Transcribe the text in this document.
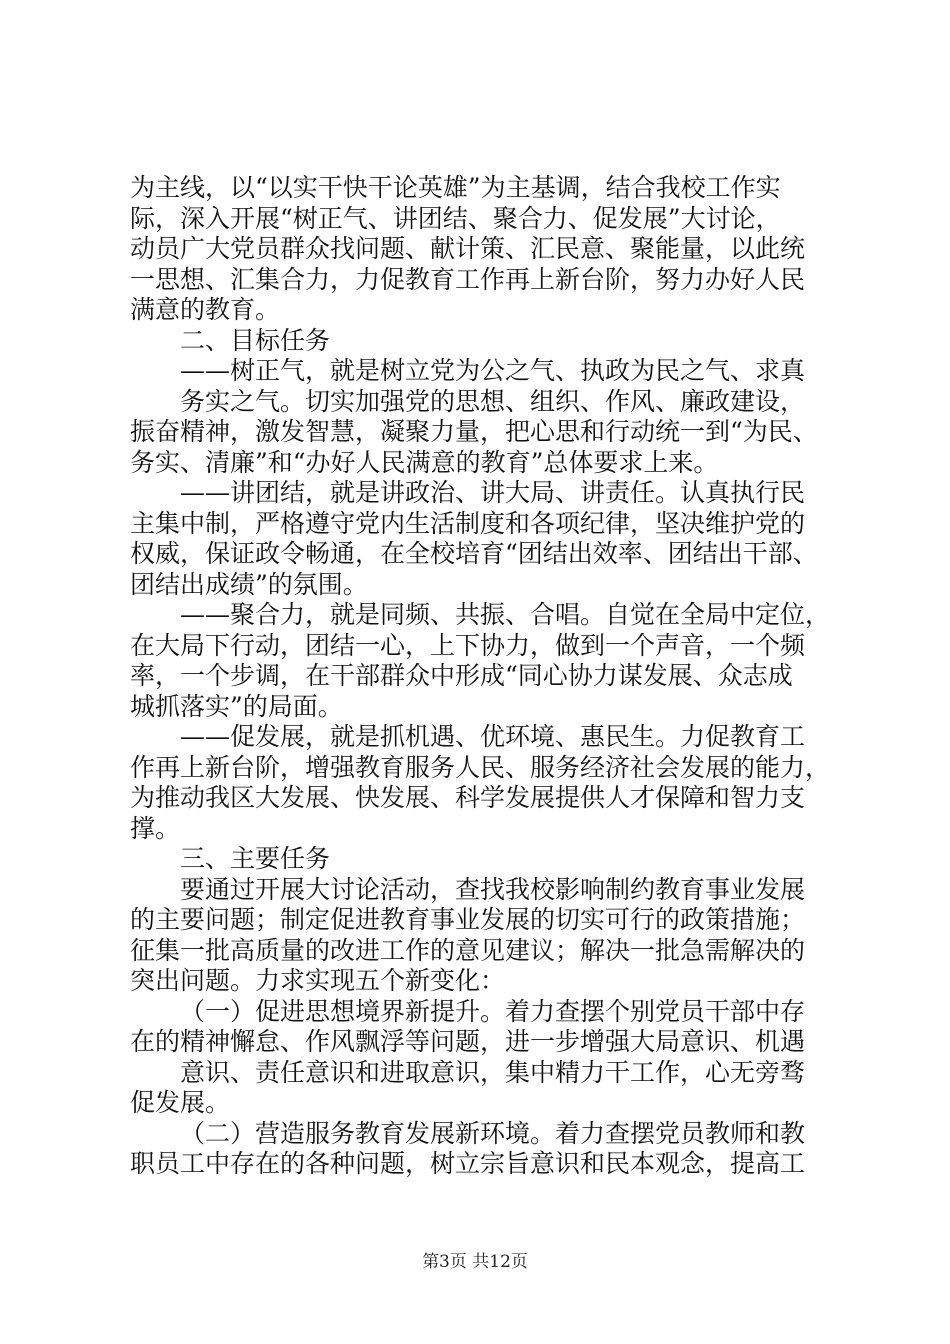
为主线，以“以实干快干论英雄”为主基调，结合我校工作实
际，深入开展“树正气、讲团结、聚合力、促发展”大讨论，
动员广大党员群众找问题、献计策、汇民意、聚能量，以此统
一思想、汇集合力，力促教育工作再上新台阶，努力办好人民
满意的教育。
二、目标任务
——树正气，就是树立党为公之气、执政为民之气、求真
务实之气。切实加强党的思想、组织、作风、廉政建设，
振奋精神，激发智慧，凝聚力量，把心思和行动统一到“为民、
务实、清廉”和“办好人民满意的教育”总体要求上来。
——讲团结，就是讲政治、讲大局、讲责任。认真执行民
主集中制，严格遵守党内生活制度和各项纪律，坚决维护党的
权威，保证政令畅通，在全校培育“团结出效率、团结出干部、
团结出成绩”的氛围。
——聚合力，就是同频、共振、合唱。自觉在全局中定位，
在大局下行动，团结一心，上下协力，做到一个声音，一个频
率，一个步调，在干部群众中形成“同心协力谋发展、众志成
城抓落实”的局面。
——促发展，就是抓机遇、优环境、惠民生。力促教育工
作再上新台阶，增强教育服务人民、服务经济社会发展的能力，
为推动我区大发展、快发展、科学发展提供人才保障和智力支
撑。
三、主要任务
要通过开展大讨论活动，查找我校影响制约教育事业发展
的主要问题；制定促进教育事业发展的切实可行的政策措施；
征集一批高质量的改进工作的意见建议；解决一批急需解决的
突出问题。力求实现五个新变化：
（一）促进思想境界新提升。着力查摆个别党员干部中存
在的精神懈怠、作风飘浮等问题，进一步增强大局意识、机遇
意识、责任意识和进取意识，集中精力干工作，心无旁骛
促发展。
（二）营造服务教育发展新环境。着力查摆党员教师和教
职员工中存在的各种问题，树立宗旨意识和民本观念，提高工
第3页 共12页
